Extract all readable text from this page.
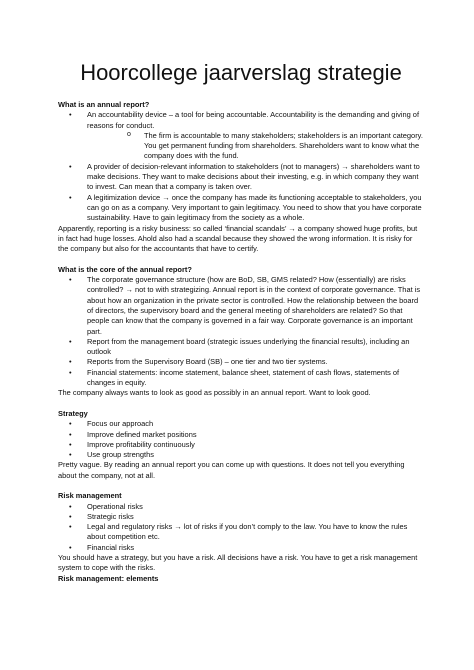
Hoorcollege jaarverslag strategie

What is an annual report?

• An accountability device – a tool for being accountable. Accountability is the demanding and giving of reasons for conduct.
o The firm is accountable to many stakeholders; stakeholders is an important category. You get permanent funding from shareholders. Shareholders want to know what the company does with the fund.
• A provider of decision-relevant information to stakeholders (not to managers) → shareholders want to make decisions. They want to make decisions about their investing, e.g. in which company they want to invest. Can mean that a company is taken over.
• A legitimization device → once the company has made its functioning acceptable to stakeholders, you can go on as a company. Very important to gain legitimacy. You need to show that you have corporate sustainability. Have to gain legitimacy from the society as a whole.

Apparently, reporting is a risky business: so called ‘financial scandals’ → a company showed huge profits, but in fact had huge losses. Ahold also had a scandal because they showed the wrong information. It is risky for the company but also for the accountants that have to certify.

What is the core of the annual report?

• The corporate governance structure (how are BoD, SB, GMS related? How (essentially) are risks controlled? → not to with strategizing. Annual report is in the context of corporate governance. That is about how an organization in the private sector is controlled. How the relationship between the board of directors, the supervisory board and the general meeting of shareholders are related? So that people can know that the company is governed in a fair way. Corporate governance is an important part.
• Report from the management board (strategic issues underlying the financial results), including an outlook
• Reports from the Supervisory Board (SB) – one tier and two tier systems.
• Financial statements: income statement, balance sheet, statement of cash flows, statements of changes in equity.

The company always wants to look as good as possibly in an annual report. Want to look good.

Strategy

• Focus our approach
• Improve defined market positions
• Improve profitability continuously
• Use group strengths

Pretty vague. By reading an annual report you can come up with questions. It does not tell you everything about the company, not at all.

Risk management

• Operational risks
• Strategic risks
• Legal and regulatory risks → lot of risks if you don’t comply to the law. You have to know the rules about competition etc.
• Financial risks

You should have a strategy, but you have a risk. All decisions have a risk. You have to get a risk management system to cope with the risks.

Risk management: elements
